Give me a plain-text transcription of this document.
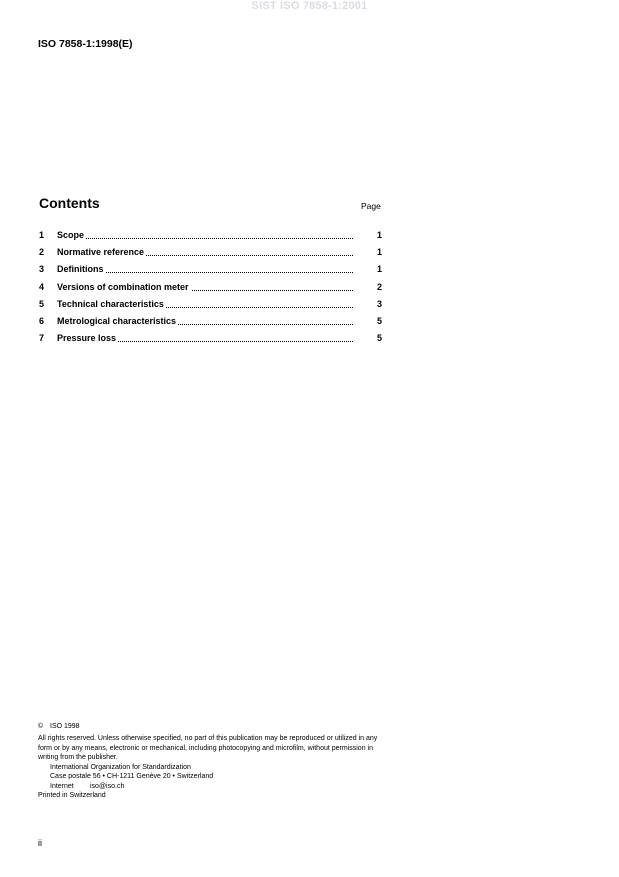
SIST ISO 7858-1:2001
ISO 7858-1:1998(E)
Contents	Page
1 Scope	1
2 Normative reference	1
3 Definitions	1
4 Versions of combination meter	2
5 Technical characteristics	3
6 Metrological characteristics	5
7 Pressure loss	5
© ISO 1998
All rights reserved. Unless otherwise specified, no part of this publication may be reproduced or utilized in any form or by any means, electronic or mechanical, including photocopying and microfilm, without permission in writing from the publisher.
International Organization for Standardization
Case postale 56 • CH-1211 Genève 20 • Switzerland
Internet iso@iso.ch
Printed in Switzerland
ii
